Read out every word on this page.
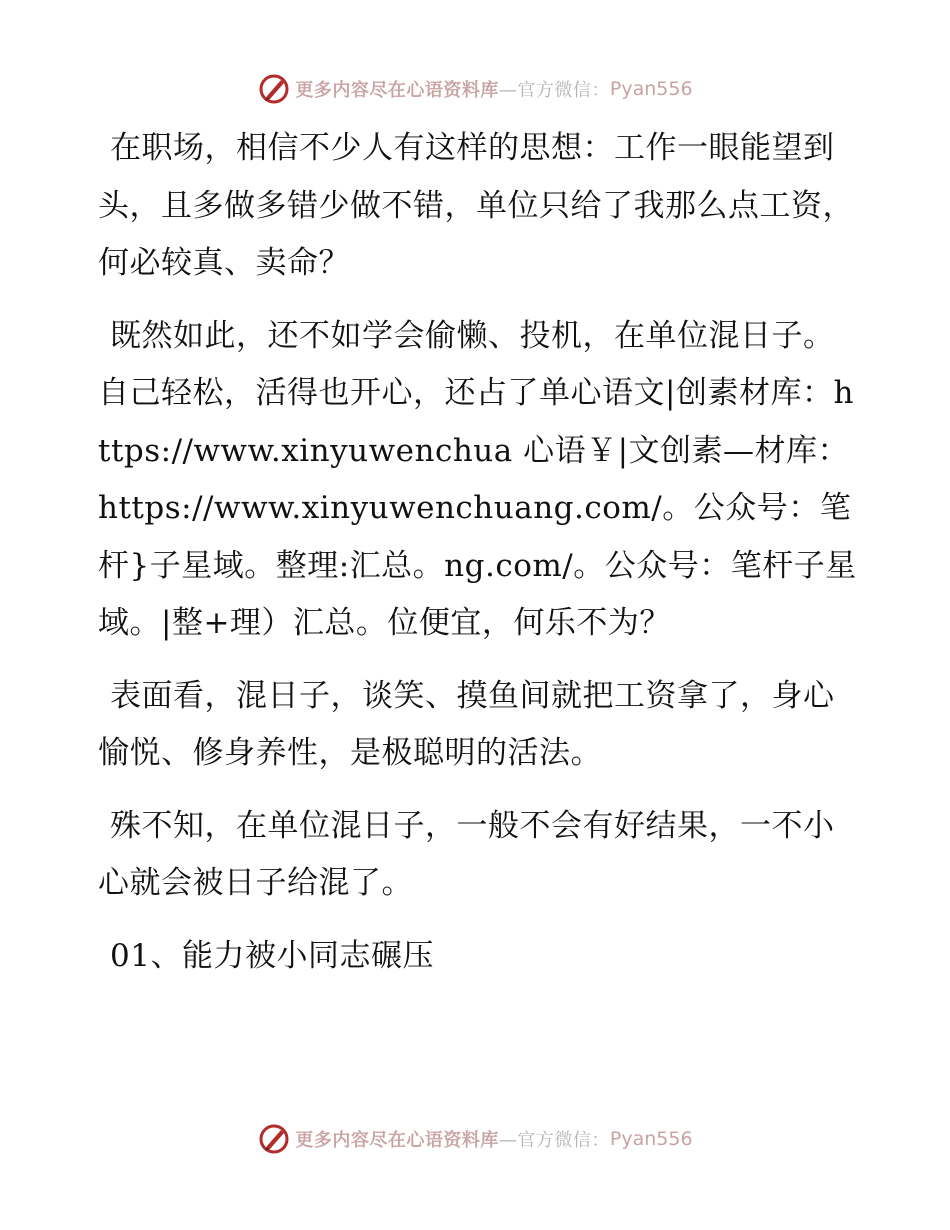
更多内容尽在心语资料库 —官方微信： Pyan556

在职场，相信不少人有这样的思想：工作一眼能望到头，且多做多错少做不错，单位只给了我那么点工资，何必较真、卖命？

既然如此，还不如学会偷懒、投机，在单位混日子。自己轻松，活得也开心，还占了单心语文|创素材库：https://www.xinyuwenchua 心语￥|文创素—材库：https://www.xinyuwenchuang.com/。公众号：笔杆}子星域。整理:汇总。ng.com/。公众号：笔杆子星域。|整+理）汇总。位便宜，何乐不为？

表面看，混日子，谈笑、摸鱼间就把工资拿了，身心愉悦、修身养性，是极聪明的活法。

殊不知，在单位混日子，一般不会有好结果，一不小心就会被日子给混了。

01、能力被小同志碾压

更多内容尽在心语资料库 —官方微信： Pyan556
